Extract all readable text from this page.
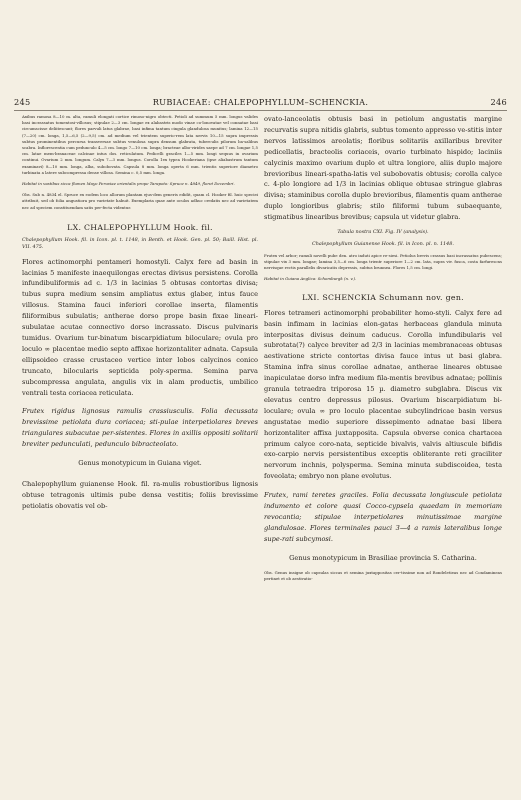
245	RUBIACEAE: CHALEPOPHYLLUM–SCHENCKIA.	246

Axibus ramosa 8—10 m. alta, ramuli elongati cortice rimoso-nigro obtecti. Petioli ad summum 5 mm. longus valides basi incrassatus tomentosi-villosus; stipulae 2—3 cm. longae ex alabastris modo vinae co-lonovatae vel connatae basi circumscisse deliitescunt; flores parvuli latus glabrae, basi infima tantum cingula glandulosa munitus; lamina 12—15 (7—20) cm. longa, 1,5—6,5 (2—9,5) cm. ad medium vel trientem superio-rem lata nervis 10—15 supra impressis subtus prominentibus percursa transversae subtus venulosa supra densum glabrata, tuberculis pilorum ba-salibus scabra. Inflorescentia cum pedunculo 4—5 cm. longo 7—10 cm. longa; bracteae albo-virides saepe ad 7 cm. longae 1,5 cm. latae mem-branaceae calcinae intus dos. reticulatum. Pedicelli graciles 1—5 mm. longi sequus in ovarium continui. Ovarium 2 mm. longum. Calyx 7—3 mm. longus. Corolla 1ex typea Hookeriana (ipse aliabastrum tantum examinavi) 8—10 mm. longa, alba, subobovata. Capsula 8 mm. longa operta 6 mm. trientis superiore diametro turbinata a latere subcompressa dense villosa. Semina c. 0,5 mm. longa.

Habitat in vastibus sicca flumen Mayo Peruviae orientalis prope Tarapoto: Spruce n. 4849, floret Decembri.

Obs. Sub n. 4834 el. Spruce ex eodem loco allorum plantam ejus-dem generis edidit, quam cl. Hooker fil. huic speciei attribuit, sed ob folia angustiora pro varietate habuit. Exemplaria quae ante oculos adhuc credatis nec ad varietatem nec ad speciem constituendam satis per-fecta videntur.

LX. CHALEPOPHYLLUM Hook. fil.

Chalepophyllum Hook. fil. in Icon. pl. t. 1148, in Benth. et Hook. Gen. pl. 50; Baill. Hist. pl. VII. 475.

Flores actinomorphi pentameri homostyli. Calyx fere ad basin in lacinias 5 manifeste inaequilongas erectas divisus persistens. Corolla infundibuliformis ad c. 1/3 in lacinias 5 obtusas contortas divisa; tubus supra medium sensim ampliatus extus glaber, intus fauce villosus. Stamina fauci inferiori corollae inserta, filamentis filiformibus subulatis; antherae dorso prope basin fixae lineari-subulatae acutae connectivo dorso incrassato. Discus pulvinaris tumidus. Ovarium tur-binatum biscarpidiatum biloculare; ovula pro loculo ∞ placentae medio septo affixae horizontaliter adnata. Capsula ellipsoideo crasse crustaceo vertice inter lobos calycinos conico truncato, bilocularis septicida poly-sperma. Semina parva subcompressa angulata, angulis vix in alam productis, umbilico ventrali testa coriacea reticulata.

Frutex rigidus lignosus ramulis crassiusculis. Folia decussata brevissime petiolata dura coriacea; sti-pulae interpetiolares breves triangulares subacutae per-sistentes. Flores in axillis oppositi solitarii breviter pedunculati, pedunculo bibracteolato.

Genus monotypicum in Guiana viget.

Chalepophyllum guianense Hook. fil. ra-mulis robustioribus lignosis obtuse tetragonis ultimis pube densa vestitis; foliis brevissime petiolatis obovatis vel ob-

ovato-lanceolatis obtusis basi in petiolum angustatis margine recurvatis supra nitidis glabris, subtus tomento appresso ve-stitis inter nervos latissimos areolatis; floribus solitariis axillaribus breviter pedicellatis, bracteolis coriaceis, ovario turbinato hispido; laciniis calycinis maximo ovarium duplo et ultra longiore, aliis duplo majore brevioribus lineari-spatha-latis vel subobovatis obtusis; corolla calyce c. 4-plo longiore ad 1/3 in lacinias oblique obtusae stringue glabras divisa; staminibus corolla duplo brevioribus, filamentis quam antherae duplo longioribus glabris; stilo filiformi tubum subaequante, stigmatibus linearibus brevibus; capsula ut videtur glabra.

Tabula nostra CXI. Fig. IV (analysis).

Chalepophyllum Guianense Hook. fil. in Icon. pl. n. 1148.

Frutex vel arbor; ramuli novelli pube den. atro induti apice re-siesi. Petiolus brevis crassus basi incrassatus pubescens; stipulae vix 3 mm. longae; lamina 3,5—6 cm. longa trientr superiore 1—2 cm. lata, supra viv. fusca, costa farfurescns nervisque rectis parallelis divaricatis depressis, subtus brunnea. Flores 1,5 cm. longi.

Habitat in Guiana Anglica: Schomburgk (n. v.).

LXI. SCHENCKIA Schumann nov. gen.

Flores tetrameri actinomorphi probabiliter homo-styli. Calyx fere ad basin infimam in lacinias elon-gatas herbaceas glandula minuta interpositas divisus deinum caducus. Corolla infundibularis vel subrotata(?) calyce breviter ad 2/3 in lacinias membranaceas obtusas aestivatione stricte contortas divisa fauce intus ut basi glabra. Stamina infra sinus corollae adnatae, antherae lineares obtusae inapiculatae dorso infra medium fila-mentis brevibus adnatae; pollinis granula tetraedra triporosa 15 µ. diametro subglabra. Discus vix elevatus centro depressus pilosus. Ovarium biscarpidiatum bi-loculare; ovula ∞ pro loculo placentae subcylindricae basin versus angustatae medio superiore dissepimento adnatae basi libera horizontaliter affixa juxtapposita. Capsula obverse conica chartacea primum calyce coro-nata, septicide bivalvis, valvis altiuscule bifidis exo-carpio nervis persistentibus exceptis obliterante reti graciliter nervorum inchnis, polysperma. Semina minuta subdiscoidea, testa foveolata; embryo non plane evolutus.

Frutex, rami teretes graciles. Folia decussata longiuscule petiolata indumento et colore quasi Cocco-cypsela quaedam in memoriam revocantia; stipulae interpetiolares minutissimae margine glandulosae. Flores terminales pauci 3—4 a ramis lateralibus longe supe-rati subcymosi.

Genus monotypicum in Brasiliae provincia S. Catharina.

Obs. Genus insigne ob capsulas siccas et semina juxtappositas cer-tissime non ad Rondeletieas nec ad Condamineas pertinet et ob aestivatio-
